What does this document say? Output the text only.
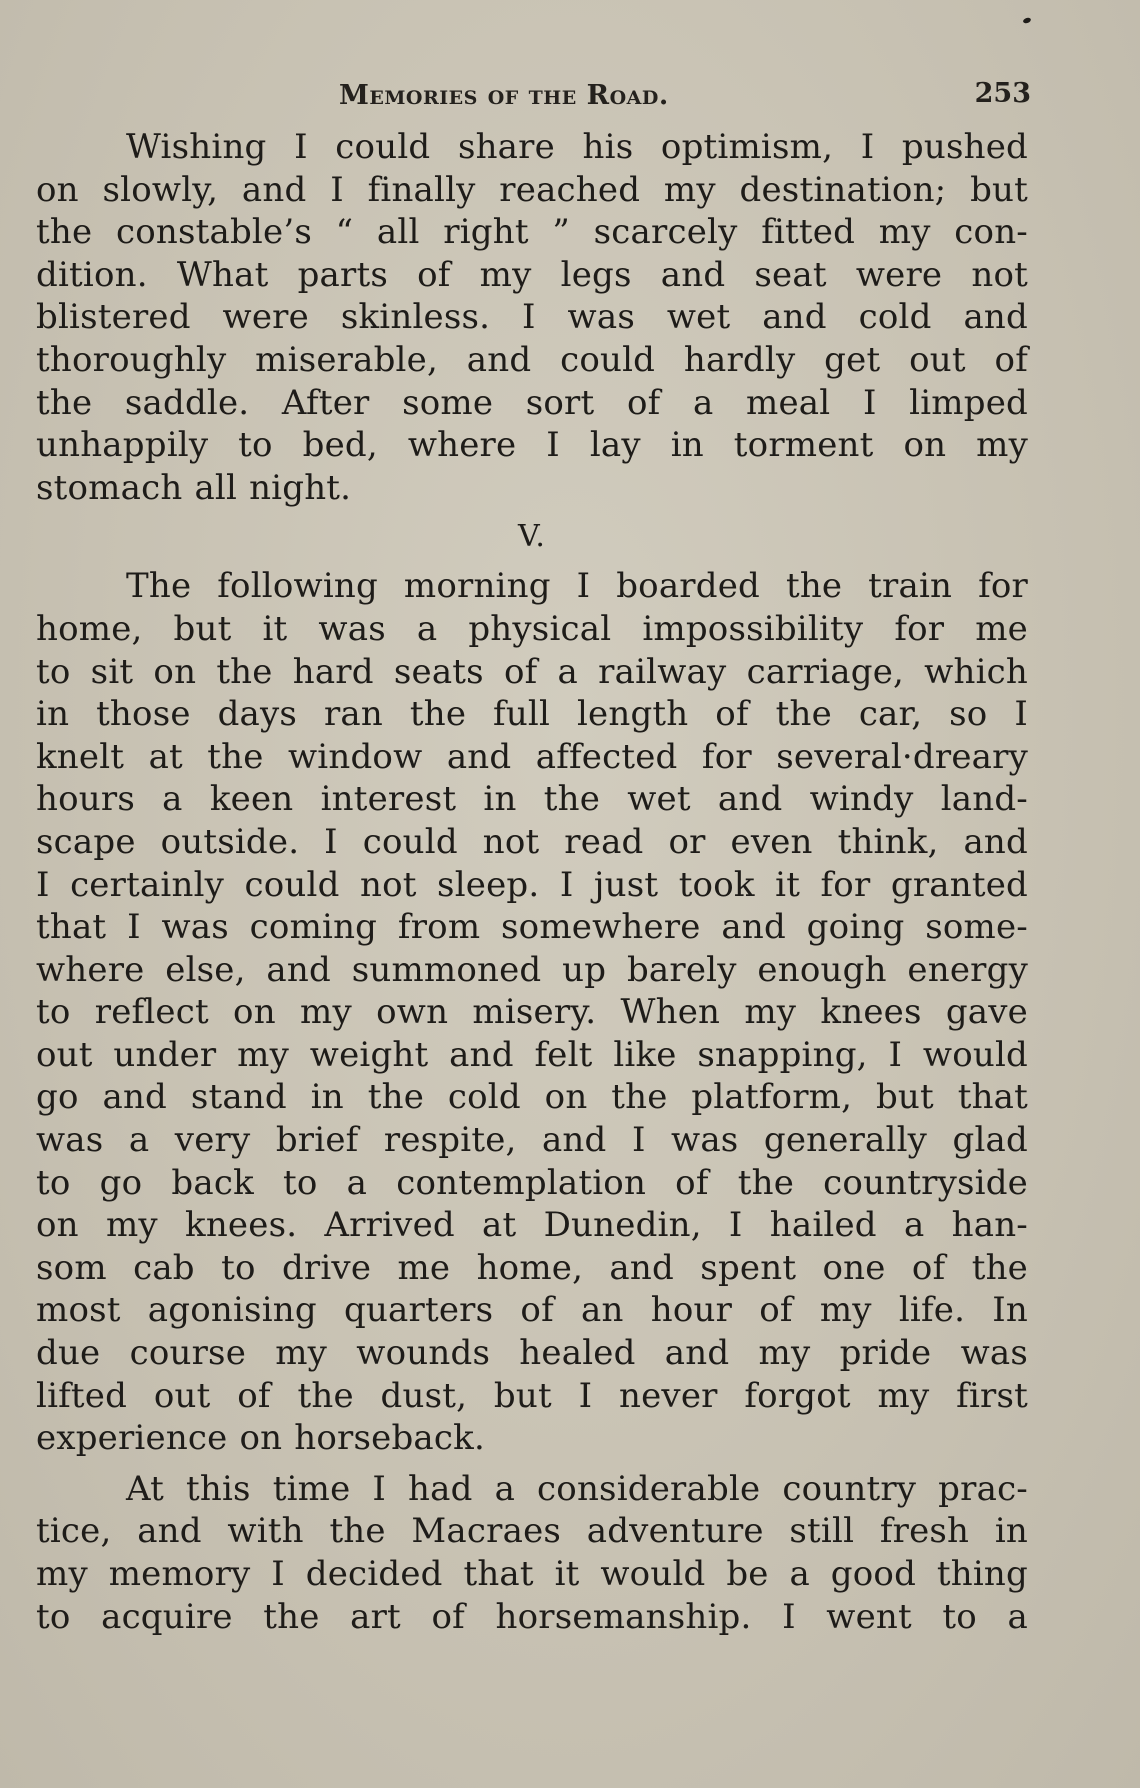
Memories of the Road.	253
Wishing I could share his optimism, I pushed
on slowly, and I finally reached my destination; but
the constable’s “ all right ” scarcely fitted my con-
dition. What parts of my legs and seat were not
blistered were skinless. I was wet and cold and
thoroughly miserable, and could hardly get out of
the saddle. After some sort of a meal I limped
unhappily to bed, where I lay in torment on my
stomach all night.
V.
The following morning I boarded the train for
home, but it was a physical impossibility for me
to sit on the hard seats of a railway carriage, which
in those days ran the full length of the car, so I
knelt at the window and affected for several·dreary
hours a keen interest in the wet and windy land-
scape outside. I could not read or even think, and
I certainly could not sleep. I just took it for granted
that I was coming from somewhere and going some-
where else, and summoned up barely enough energy
to reflect on my own misery. When my knees gave
out under my weight and felt like snapping, I would
go and stand in the cold on the platform, but that
was a very brief respite, and I was generally glad
to go back to a contemplation of the countryside
on my knees. Arrived at Dunedin, I hailed a han-
som cab to drive me home, and spent one of the
most agonising quarters of an hour of my life. In
due course my wounds healed and my pride was
lifted out of the dust, but I never forgot my first
experience on horseback.
At this time I had a considerable country prac-
tice, and with the Macraes adventure still fresh in
my memory I decided that it would be a good thing
to acquire the art of horsemanship. I went to a
